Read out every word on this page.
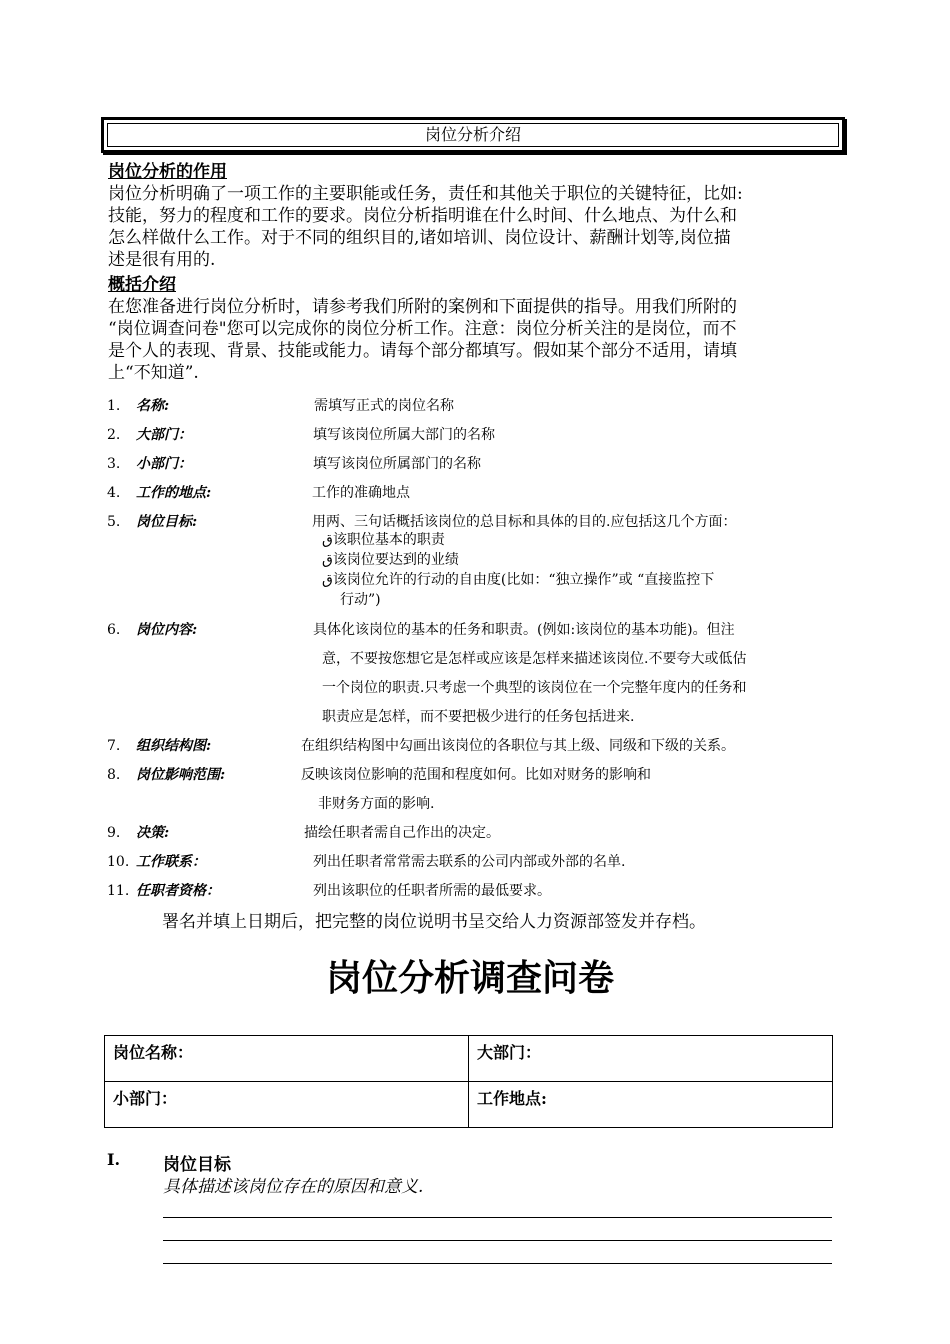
岗位分析介绍
岗位分析的作用
岗位分析明确了一项工作的主要职能或任务，责任和其他关于职位的关键特征，比如:
技能，努力的程度和工作的要求。岗位分析指明谁在什么时间、什么地点、为什么和
怎么样做什么工作。对于不同的组织目的,诸如培训、岗位设计、薪酬计划等,岗位描
述是很有用的.
概括介绍
在您准备进行岗位分析时，请参考我们所附的案例和下面提供的指导。用我们所附的
“岗位调查问卷"您可以完成你的岗位分析工作。注意：岗位分析关注的是岗位，而不
是个人的表现、背景、技能或能力。请每个部分都填写。假如某个部分不适用，请填
上“不知道”.
1. 名称:	需填写正式的岗位名称
2. 大部门：	填写该岗位所属大部门的名称
3. 小部门：	填写该岗位所属部门的名称
4. 工作的地点:	工作的准确地点
5. 岗位目标:	用两、三句话概括该岗位的总目标和具体的目的.应包括这几个方面：
ق该职位基本的职责
ق该岗位要达到的业绩
ق该岗位允许的行动的自由度(比如：“独立操作”或 “直接监控下
行动”)
6. 岗位内容:	具体化该岗位的基本的任务和职责。(例如:该岗位的基本功能)。但注
意，不要按您想它是怎样或应该是怎样来描述该岗位.不要夸大或低估
一个岗位的职责.只考虑一个典型的该岗位在一个完整年度内的任务和
职责应是怎样，而不要把极少进行的任务包括进来.
7. 组织结构图:	在组织结构图中勾画出该岗位的各职位与其上级、同级和下级的关系。
8. 岗位影响范围:	反映该岗位影响的范围和程度如何。比如对财务的影响和
非财务方面的影响.
9. 决策:	描绘任职者需自己作出的决定。
10. 工作联系：	列出任职者常常需去联系的公司内部或外部的名单.
11. 任职者资格：	列出该职位的任职者所需的最低要求。
署名并填上日期后，把完整的岗位说明书呈交给人力资源部签发并存档。
岗位分析调查问卷
岗位名称：	大部门：
小部门：	工作地点:
I.	岗位目标
具体描述该岗位存在的原因和意义.
